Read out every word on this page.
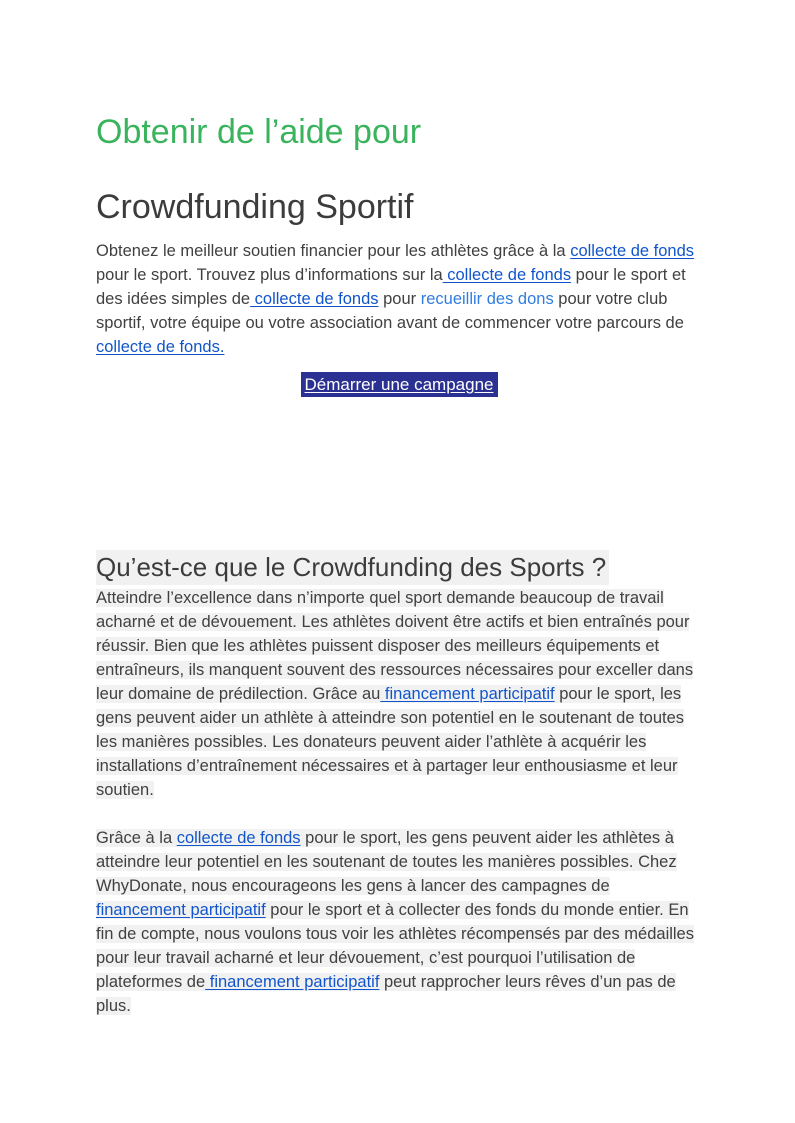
Obtenir de l’aide pour
Crowdfunding Sportif

Obtenez le meilleur soutien financier pour les athlètes grâce à la collecte de fonds pour le sport. Trouvez plus d’informations sur la collecte de fonds pour le sport et des idées simples de collecte de fonds pour recueillir des dons pour votre club sportif, votre équipe ou votre association avant de commencer votre parcours de collecte de fonds.

Démarrer une campagne
Qu’est-ce que le Crowdfunding des Sports ?

Atteindre l’excellence dans n’importe quel sport demande beaucoup de travail acharné et de dévouement. Les athlètes doivent être actifs et bien entraînés pour réussir. Bien que les athlètes puissent disposer des meilleurs équipements et entraîneurs, ils manquent souvent des ressources nécessaires pour exceller dans leur domaine de prédilection. Grâce au financement participatif pour le sport, les gens peuvent aider un athlète à atteindre son potentiel en le soutenant de toutes les manières possibles. Les donateurs peuvent aider l’athlète à acquérir les installations d’entraînement nécessaires et à partager leur enthousiasme et leur soutien.

Grâce à la collecte de fonds pour le sport, les gens peuvent aider les athlètes à atteindre leur potentiel en les soutenant de toutes les manières possibles. Chez WhyDonate, nous encourageons les gens à lancer des campagnes de financement participatif pour le sport et à collecter des fonds du monde entier. En fin de compte, nous voulons tous voir les athlètes récompensés par des médailles pour leur travail acharné et leur dévouement, c’est pourquoi l’utilisation de plateformes de financement participatif peut rapprocher leurs rêves d’un pas de plus.
